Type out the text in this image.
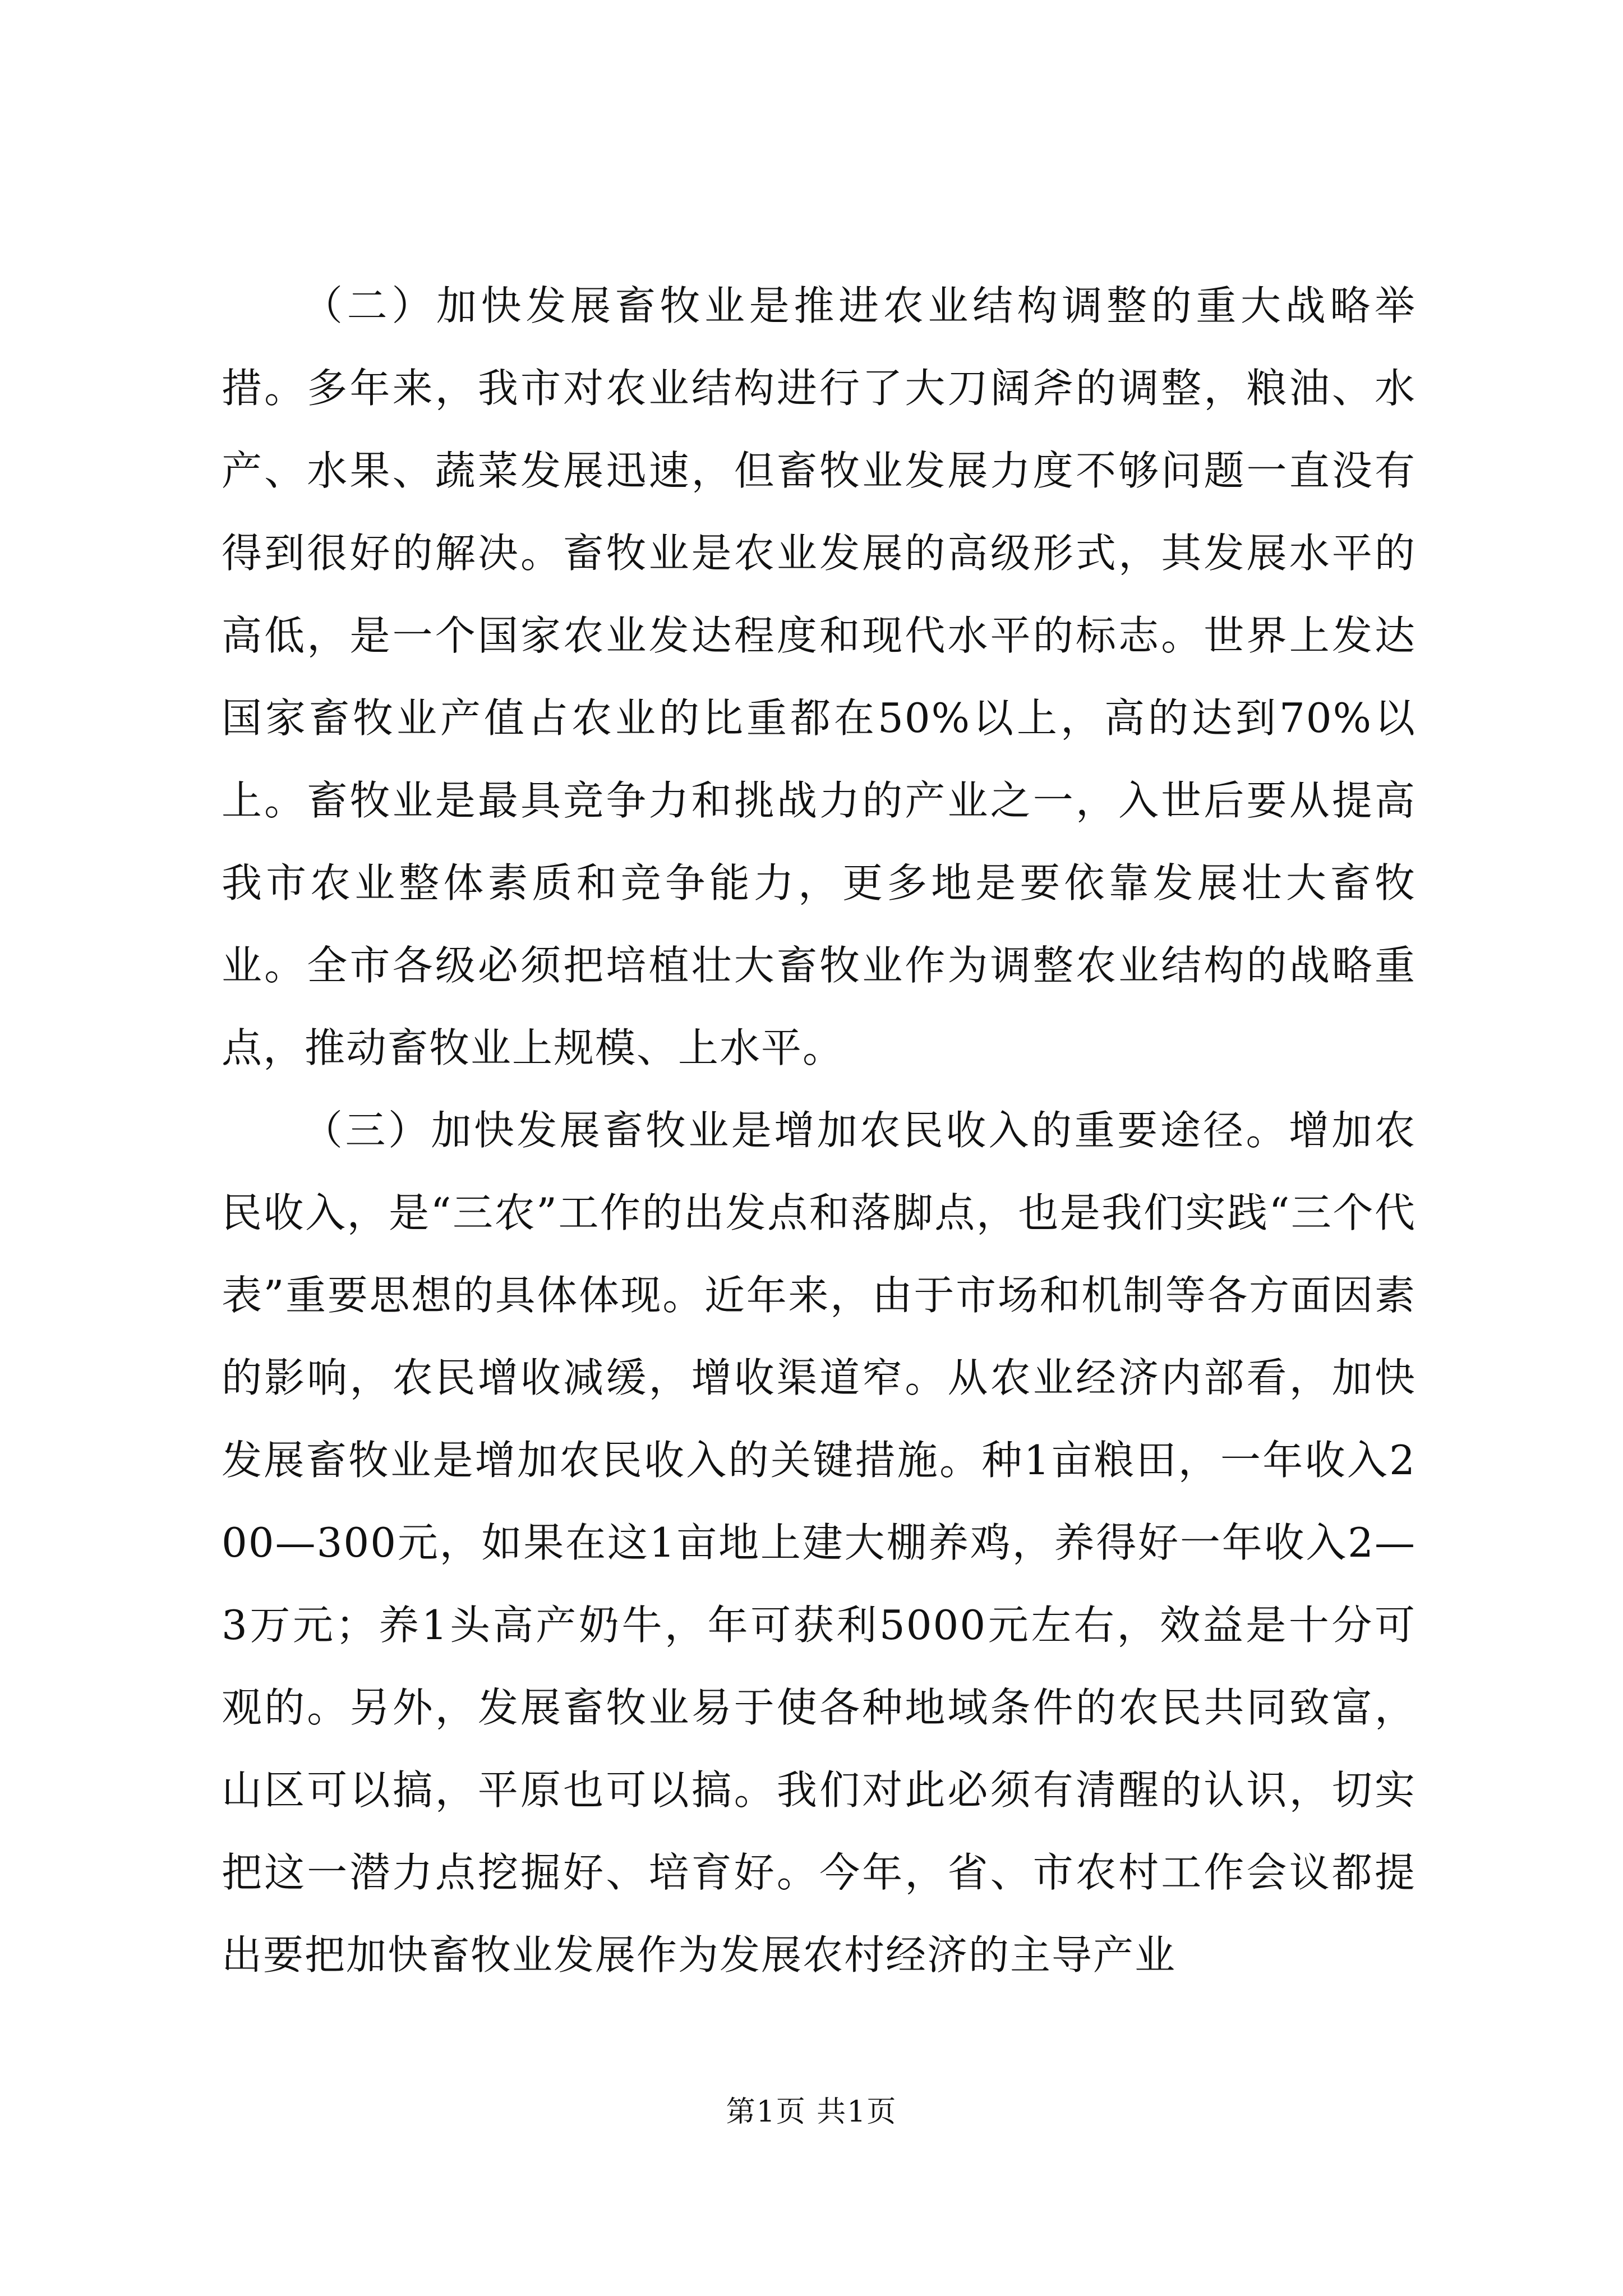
（二）加快发展畜牧业是推进农业结构调整的重大战略举措。多年来，我市对农业结构进行了大刀阔斧的调整，粮油、水产、水果、蔬菜发展迅速，但畜牧业发展力度不够问题一直没有得到很好的解决。畜牧业是农业发展的高级形式，其发展水平的高低，是一个国家农业发达程度和现代水平的标志。世界上发达国家畜牧业产值占农业的比重都在50%以上，高的达到70%以上。畜牧业是最具竞争力和挑战力的产业之一，入世后要从提高我市农业整体素质和竞争能力，更多地是要依靠发展壮大畜牧业。全市各级必须把培植壮大畜牧业作为调整农业结构的战略重点，推动畜牧业上规模、上水平。

（三）加快发展畜牧业是增加农民收入的重要途径。增加农民收入，是“三农”工作的出发点和落脚点，也是我们实践“三个代表”重要思想的具体体现。近年来，由于市场和机制等各方面因素的影响，农民增收减缓，增收渠道窄。从农业经济内部看，加快发展畜牧业是增加农民收入的关键措施。种1亩粮田，一年收入200—300元，如果在这1亩地上建大棚养鸡，养得好一年收入2—3万元；养1头高产奶牛，年可获利5000元左右，效益是十分可观的。另外，发展畜牧业易于使各种地域条件的农民共同致富，山区可以搞，平原也可以搞。我们对此必须有清醒的认识，切实把这一潜力点挖掘好、培育好。今年，省、市农村工作会议都提出要把加快畜牧业发展作为发展农村经济的主导产业

第1页 共1页
